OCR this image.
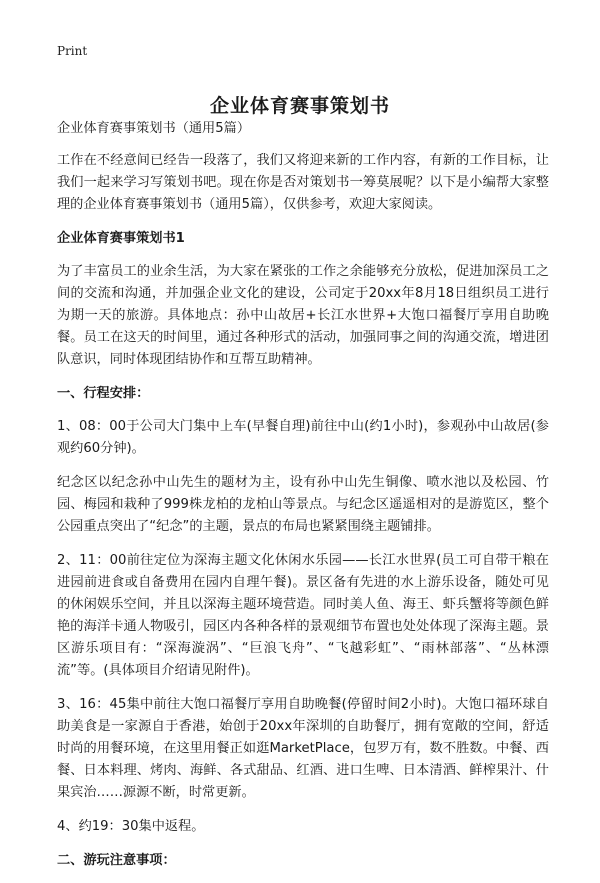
Print
企业体育赛事策划书

企业体育赛事策划书（通用5篇）

工作在不经意间已经告一段落了，我们又将迎来新的工作内容，有新的工作目标，让我们一起来学习写策划书吧。现在你是否对策划书一筹莫展呢？以下是小编帮大家整理的企业体育赛事策划书（通用5篇），仅供参考，欢迎大家阅读。

企业体育赛事策划书1

为了丰富员工的业余生活，为大家在紧张的工作之余能够充分放松，促进加深员工之间的交流和沟通，并加强企业文化的建设，公司定于20xx年8月18日组织员工进行为期一天的旅游。具体地点：孙中山故居+长江水世界+大饱口福餐厅享用自助晚餐。员工在这天的时间里，通过各种形式的活动，加强同事之间的沟通交流，增进团队意识，同时体现团结协作和互帮互助精神。

一、行程安排：

1、08：00于公司大门集中上车(早餐自理)前往中山(约1小时)，参观孙中山故居(参观约60分钟)。

纪念区以纪念孙中山先生的题材为主，设有孙中山先生铜像、喷水池以及松园、竹园、梅园和栽种了999株龙柏的龙柏山等景点。与纪念区遥遥相对的是游览区，整个公园重点突出了“纪念”的主题，景点的布局也紧紧围绕主题铺排。

2、11：00前往定位为深海主题文化休闲水乐园——长江水世界(员工可自带干粮在进园前进食或自备费用在园内自理午餐)。景区备有先进的水上游乐设备，随处可见的休闲娱乐空间，并且以深海主题环境营造。同时美人鱼、海王、虾兵蟹将等颜色鲜艳的海洋卡通人物吸引，园区内各种各样的景观细节布置也处处体现了深海主题。景区游乐项目有：“深海漩涡”、“巨浪飞舟”、“飞越彩虹”、“雨林部落”、“丛林漂流”等。(具体项目介绍请见附件)。

3、16：45集中前往大饱口福餐厅享用自助晚餐(停留时间2小时)。大饱口福环球自助美食是一家源自于香港，始创于20xx年深圳的自助餐厅，拥有宽敞的空间，舒适时尚的用餐环境，在这里用餐正如逛MarketPlace，包罗万有，数不胜数。中餐、西餐、日本料理、烤肉、海鲜、各式甜品、红酒、进口生啤、日本清酒、鲜榨果汁、什果宾治……源源不断，时常更新。

4、约19：30集中返程。

二、游玩注意事项：
